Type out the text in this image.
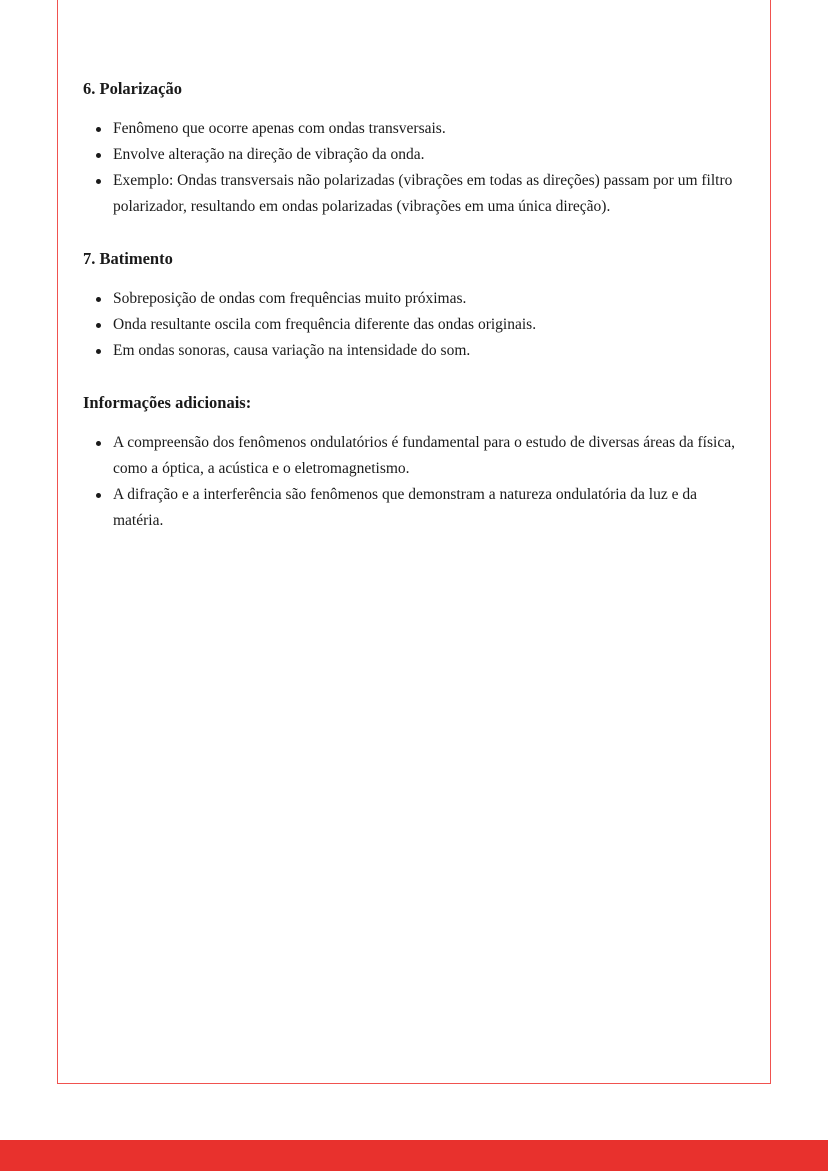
6. Polarização
Fenômeno que ocorre apenas com ondas transversais.
Envolve alteração na direção de vibração da onda.
Exemplo: Ondas transversais não polarizadas (vibrações em todas as direções) passam por um filtro polarizador, resultando em ondas polarizadas (vibrações em uma única direção).
7. Batimento
Sobreposição de ondas com frequências muito próximas.
Onda resultante oscila com frequência diferente das ondas originais.
Em ondas sonoras, causa variação na intensidade do som.
Informações adicionais:
A compreensão dos fenômenos ondulatórios é fundamental para o estudo de diversas áreas da física, como a óptica, a acústica e o eletromagnetismo.
A difração e a interferência são fenômenos que demonstram a natureza ondulatória da luz e da matéria.
